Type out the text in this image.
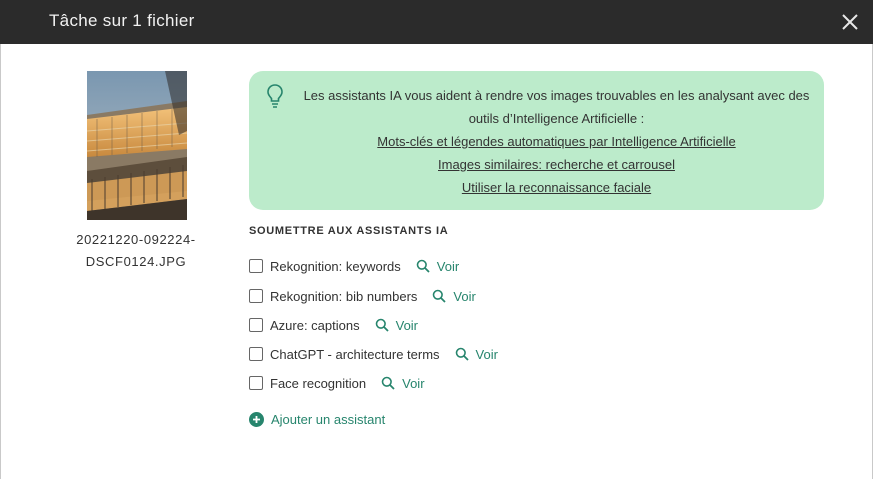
Tâche sur 1 fichier
20221220-092224-
DSCF0124.JPG
Les assistants IA vous aident à rendre vos images trouvables en les analysant avec des outils d’Intelligence Artificielle :
Mots-clés et légendes automatiques par Intelligence Artificielle
Images similaires: recherche et carrousel
Utiliser la reconnaissance faciale
SOUMETTRE AUX ASSISTANTS IA
Rekognition: keywords	Voir
Rekognition: bib numbers	Voir
Azure: captions	Voir
ChatGPT - architecture terms	Voir
Face recognition	Voir
Ajouter un assistant
